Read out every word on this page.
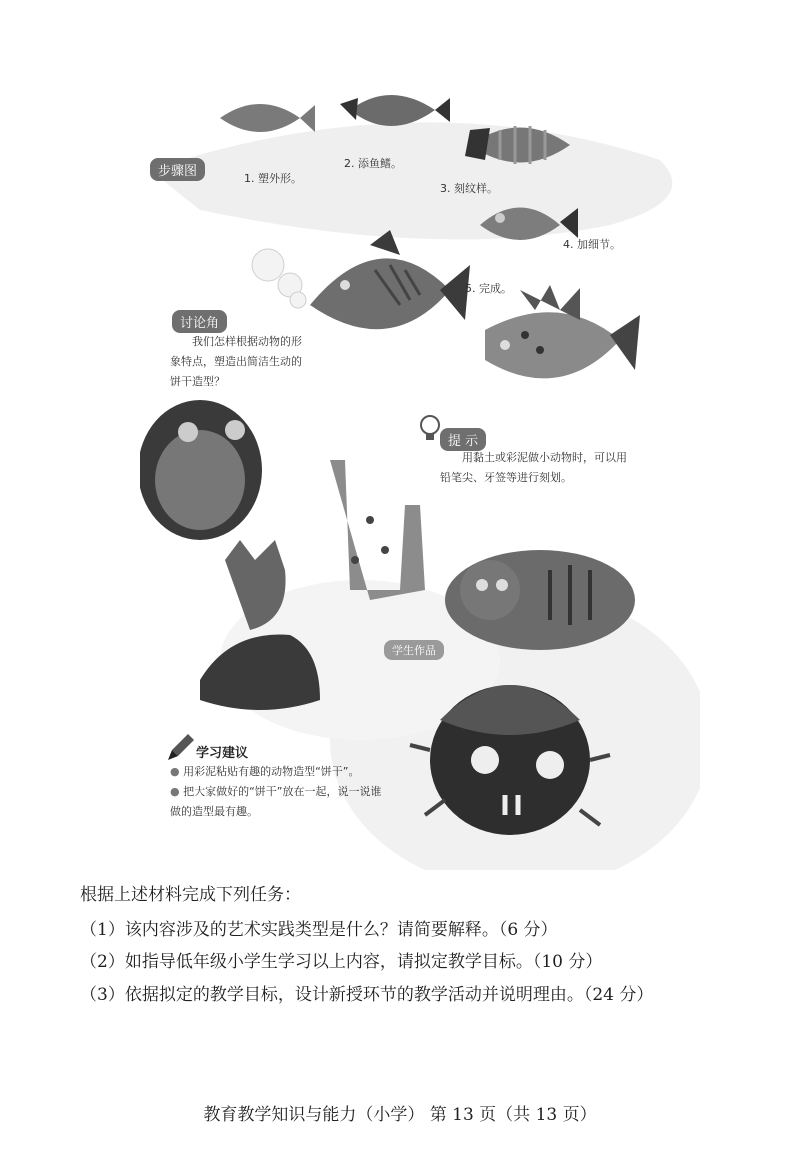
步骤图	1. 塑外形。
2. 添鱼鳍。
3. 刻纹样。
4. 加细节。
5. 完成。
讨论角
我们怎样根据动物的形
象特点，塑造出简洁生动的
饼干造型？
提 示
用黏土或彩泥做小动物时，可以用
铅笔尖、牙签等进行刻划。
学生作品
学习建议
● 用彩泥粘贴有趣的动物造型“饼干”。
● 把大家做好的“饼干”放在一起，说一说谁
做的造型最有趣。
根据上述材料完成下列任务：
（1）该内容涉及的艺术实践类型是什么？请简要解释。（6 分）
（2）如指导低年级小学生学习以上内容，请拟定教学目标。（10 分）
（3）依据拟定的教学目标，设计新授环节的教学活动并说明理由。（24 分）
教育教学知识与能力（小学） 第 13 页（共 13 页）
